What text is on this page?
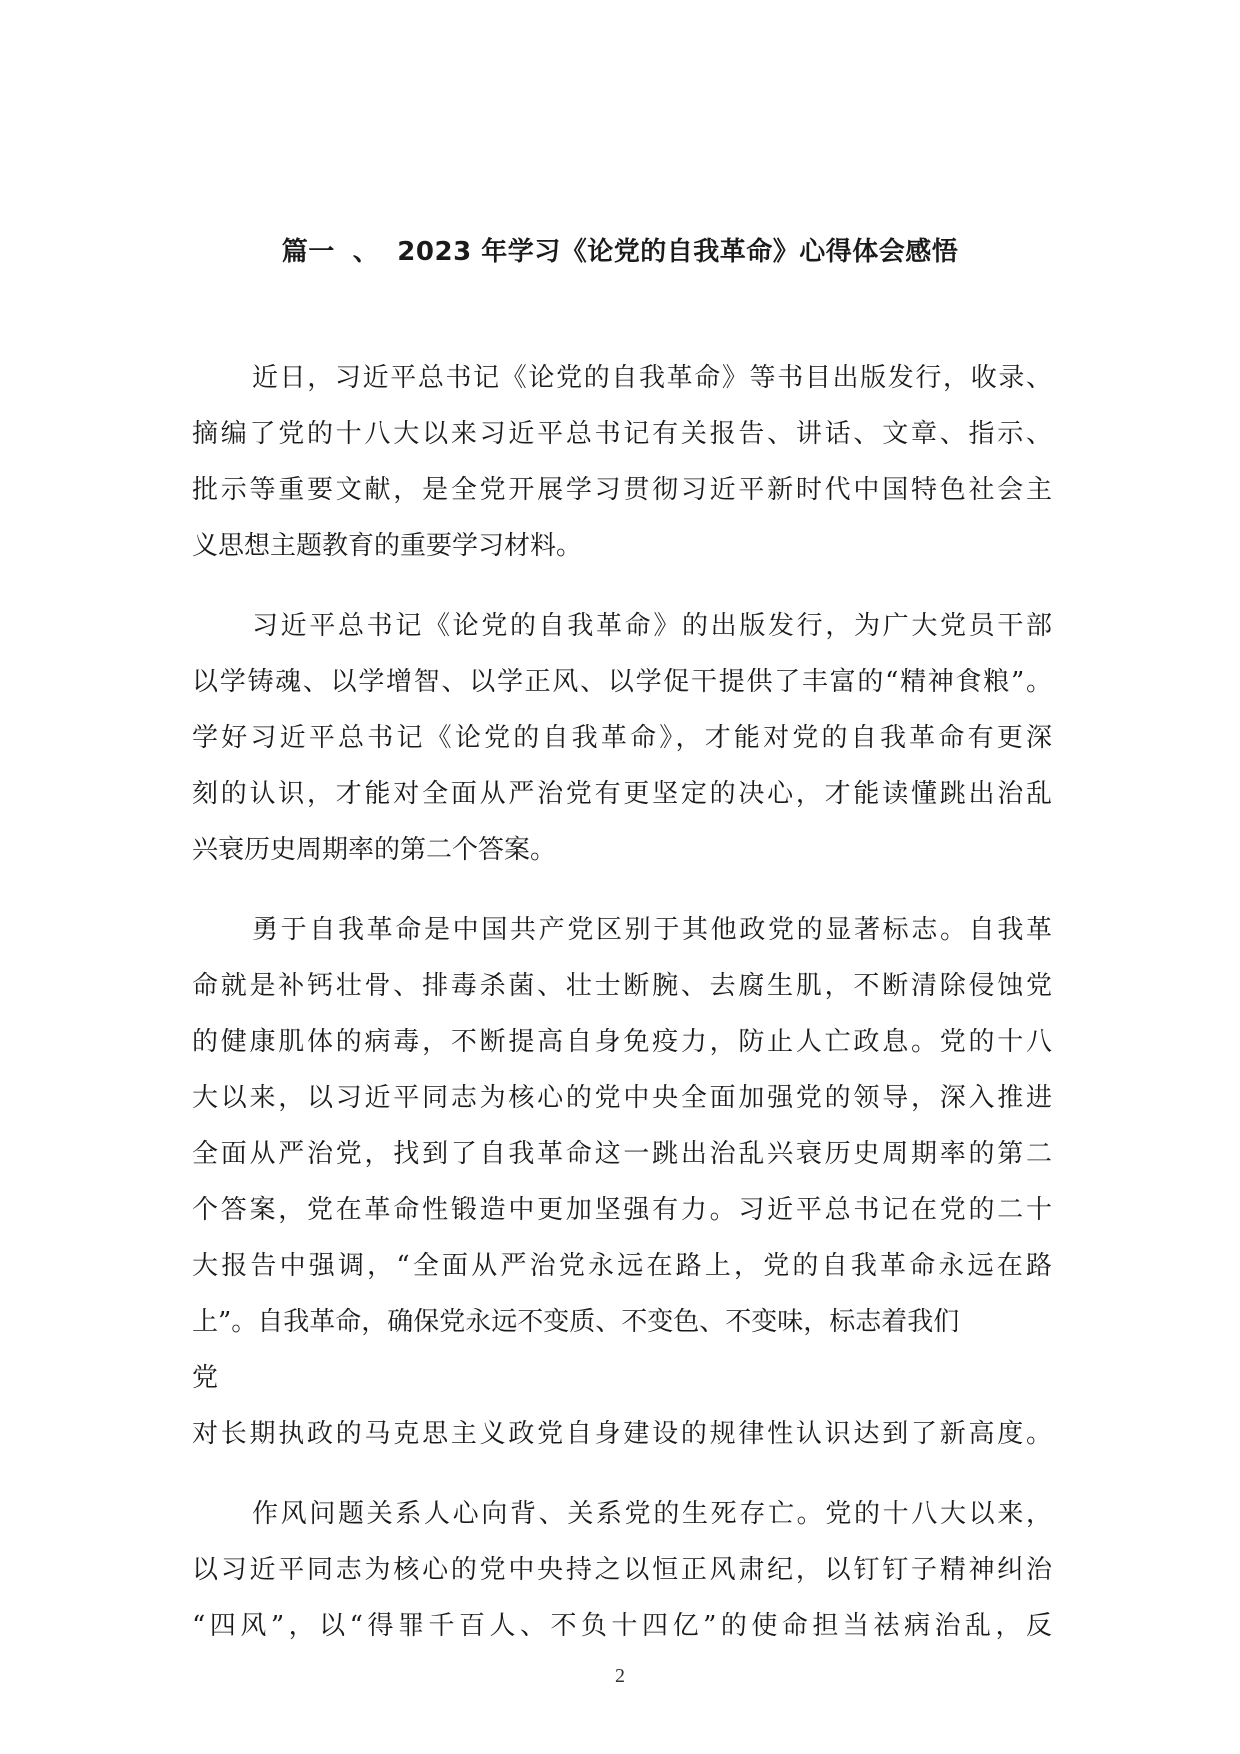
篇一 、 2023 年学习《论党的自我革命》心得体会感悟
近日，习近平总书记《论党的自我革命》等书目出版发行，收录、
摘编了党的十八大以来习近平总书记有关报告、讲话、文章、指示、
批示等重要文献，是全党开展学习贯彻习近平新时代中国特色社会主
义思想主题教育的重要学习材料。
习近平总书记《论党的自我革命》的出版发行，为广大党员干部
以学铸魂、以学增智、以学正风、以学促干提供了丰富的“精神食粮”。
学好习近平总书记《论党的自我革命》，才能对党的自我革命有更深
刻的认识，才能对全面从严治党有更坚定的决心，才能读懂跳出治乱
兴衰历史周期率的第二个答案。
勇于自我革命是中国共产党区别于其他政党的显著标志。自我革
命就是补钙壮骨、排毒杀菌、壮士断腕、去腐生肌，不断清除侵蚀党
的健康肌体的病毒，不断提高自身免疫力，防止人亡政息。党的十八
大以来，以习近平同志为核心的党中央全面加强党的领导，深入推进
全面从严治党，找到了自我革命这一跳出治乱兴衰历史周期率的第二
个答案，党在革命性锻造中更加坚强有力。习近平总书记在党的二十
大报告中强调，“全面从严治党永远在路上，党的自我革命永远在路
上”。自我革命，确保党永远不变质、不变色、不变味，标志着我们
党
对长期执政的马克思主义政党自身建设的规律性认识达到了新高度。
作风问题关系人心向背、关系党的生死存亡。党的十八大以来，
以习近平同志为核心的党中央持之以恒正风肃纪，以钉钉子精神纠治
“四风”，以“得罪千百人、不负十四亿”的使命担当祛病治乱，反
2
